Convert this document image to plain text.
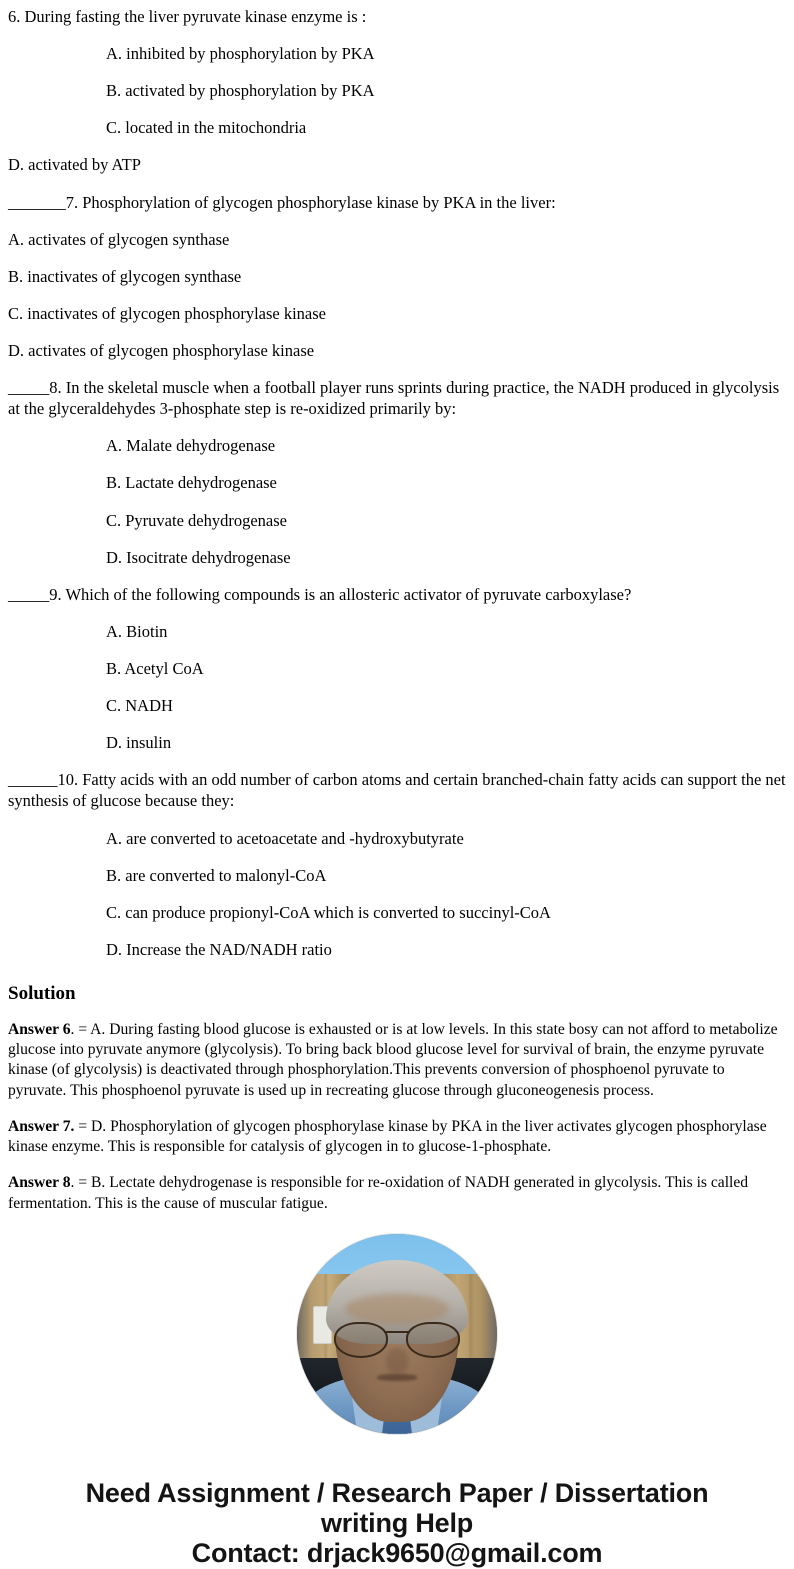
6. During fasting the liver pyruvate kinase enzyme is :

A. inhibited by phosphorylation by PKA

B. activated by phosphorylation by PKA

C. located in the mitochondria

D. activated by ATP

_______7. Phosphorylation of glycogen phosphorylase kinase by PKA in the liver:

A. activates of glycogen synthase

B. inactivates of glycogen synthase

C. inactivates of glycogen phosphorylase kinase

D. activates of glycogen phosphorylase kinase

_____8. In the skeletal muscle when a football player runs sprints during practice, the NADH produced in glycolysis at the glyceraldehydes 3-phosphate step is re-oxidized primarily by:

A. Malate dehydrogenase

B. Lactate dehydrogenase

C. Pyruvate dehydrogenase

D. Isocitrate dehydrogenase

_____9. Which of the following compounds is an allosteric activator of pyruvate carboxylase?

A. Biotin

B. Acetyl CoA

C. NADH

D. insulin

______10. Fatty acids with an odd number of carbon atoms and certain branched-chain fatty acids can support the net synthesis of glucose because they:

A. are converted to acetoacetate and -hydroxybutyrate

B. are converted to malonyl-CoA

C. can produce propionyl-CoA which is converted to succinyl-CoA

D. Increase the NAD/NADH ratio

Solution

Answer 6. = A. During fasting blood glucose is exhausted or is at low levels. In this state bosy can not afford to metabolize glucose into pyruvate anymore (glycolysis). To bring back blood glucose level for survival of brain, the enzyme pyruvate kinase (of glycolysis) is deactivated through phosphorylation.This prevents conversion of phosphoenol pyruvate to pyruvate. This phosphoenol pyruvate is used up in recreating glucose through gluconeogenesis process.

Answer 7. = D. Phosphorylation of glycogen phosphorylase kinase by PKA in the liver activates glycogen phosphorylase kinase enzyme. This is responsible for catalysis of glycogen in to glucose-1-phosphate.

Answer 8. = B. Lectate dehydrogenase is responsible for re-oxidation of NADH generated in glycolysis. This is called fermentation. This is the cause of muscular fatigue.

Need Assignment / Research Paper / Dissertation
writing Help
Contact: drjack9650@gmail.com
